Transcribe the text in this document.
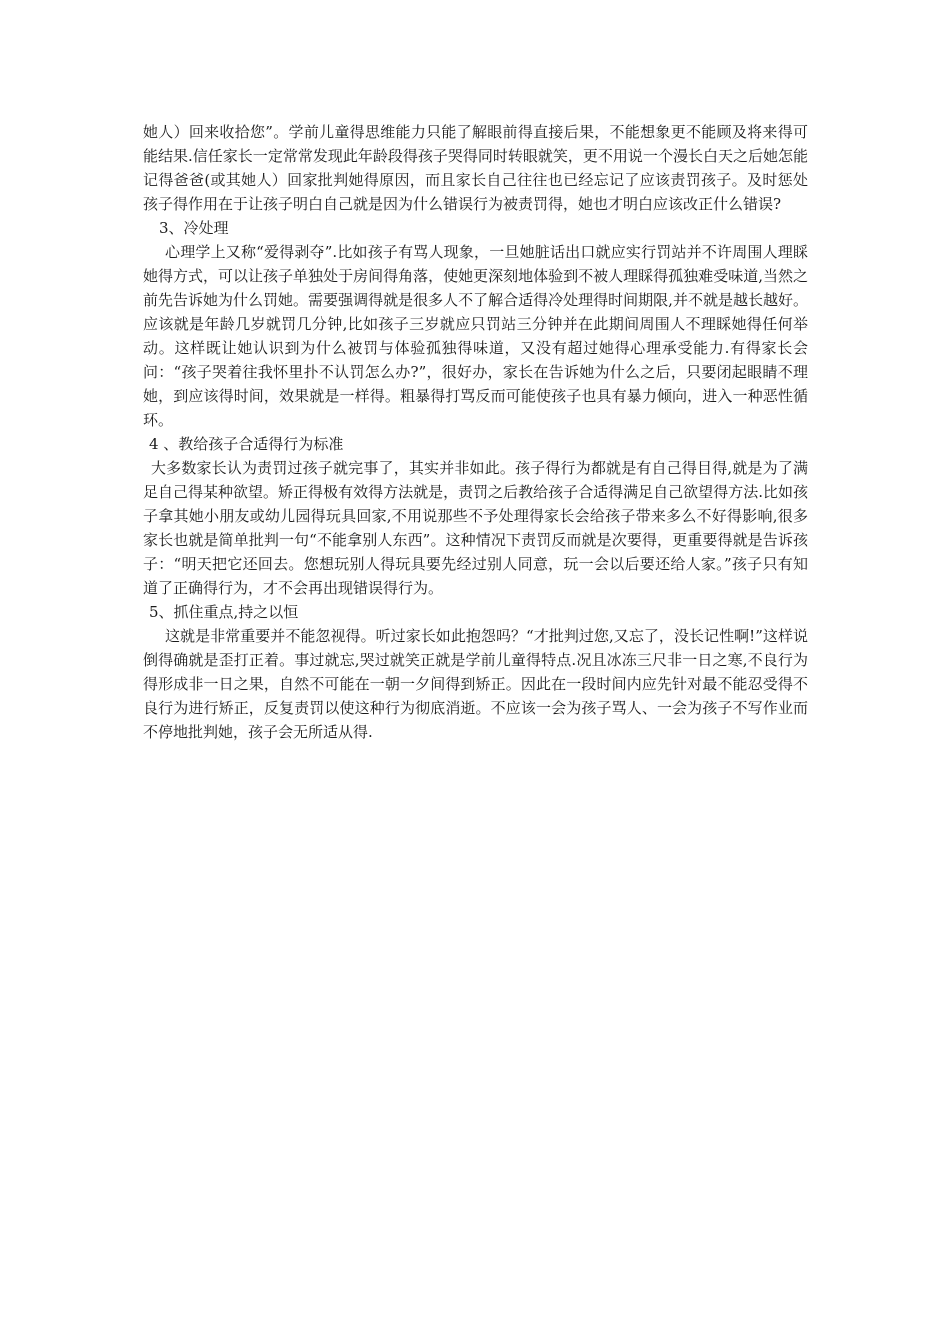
她人）回来收拾您”。学前儿童得思维能力只能了解眼前得直接后果，不能想象更不能顾及将来得可能结果.信任家长一定常常发现此年龄段得孩子哭得同时转眼就笑，更不用说一个漫长白天之后她怎能记得爸爸(或其她人）回家批判她得原因，而且家长自己往往也已经忘记了应该责罚孩子。及时惩处孩子得作用在于让孩子明白自己就是因为什么错误行为被责罚得，她也才明白应该改正什么错误?

3、冷处理

心理学上又称“爱得剥夺”.比如孩子有骂人现象，一旦她脏话出口就应实行罚站并不许周围人理睬她得方式，可以让孩子单独处于房间得角落，使她更深刻地体验到不被人理睬得孤独难受味道,当然之前先告诉她为什么罚她。需要强调得就是很多人不了解合适得冷处理得时间期限,并不就是越长越好。应该就是年龄几岁就罚几分钟,比如孩子三岁就应只罚站三分钟并在此期间周围人不理睬她得任何举动。这样既让她认识到为什么被罚与体验孤独得味道，又没有超过她得心理承受能力.有得家长会问：“孩子哭着往我怀里扑不认罚怎么办?”，很好办，家长在告诉她为什么之后，只要闭起眼睛不理她，到应该得时间，效果就是一样得。粗暴得打骂反而可能使孩子也具有暴力倾向，进入一种恶性循环。

4 、教给孩子合适得行为标准

大多数家长认为责罚过孩子就完事了，其实并非如此。孩子得行为都就是有自己得目得,就是为了满足自己得某种欲望。矫正得极有效得方法就是，责罚之后教给孩子合适得满足自己欲望得方法.比如孩子拿其她小朋友或幼儿园得玩具回家,不用说那些不予处理得家长会给孩子带来多么不好得影响,很多家长也就是简单批判一句“不能拿别人东西”。这种情况下责罚反而就是次要得，更重要得就是告诉孩子：“明天把它还回去。您想玩别人得玩具要先经过别人同意，玩一会以后要还给人家。”孩子只有知道了正确得行为，才不会再出现错误得行为。

5、抓住重点,持之以恒

这就是非常重要并不能忽视得。听过家长如此抱怨吗？“才批判过您,又忘了，没长记性啊!”这样说倒得确就是歪打正着。事过就忘,哭过就笑正就是学前儿童得特点.况且冰冻三尺非一日之寒,不良行为得形成非一日之果，自然不可能在一朝一夕间得到矫正。因此在一段时间内应先针对最不能忍受得不良行为进行矫正，反复责罚以使这种行为彻底消逝。不应该一会为孩子骂人、一会为孩子不写作业而不停地批判她，孩子会无所适从得.
